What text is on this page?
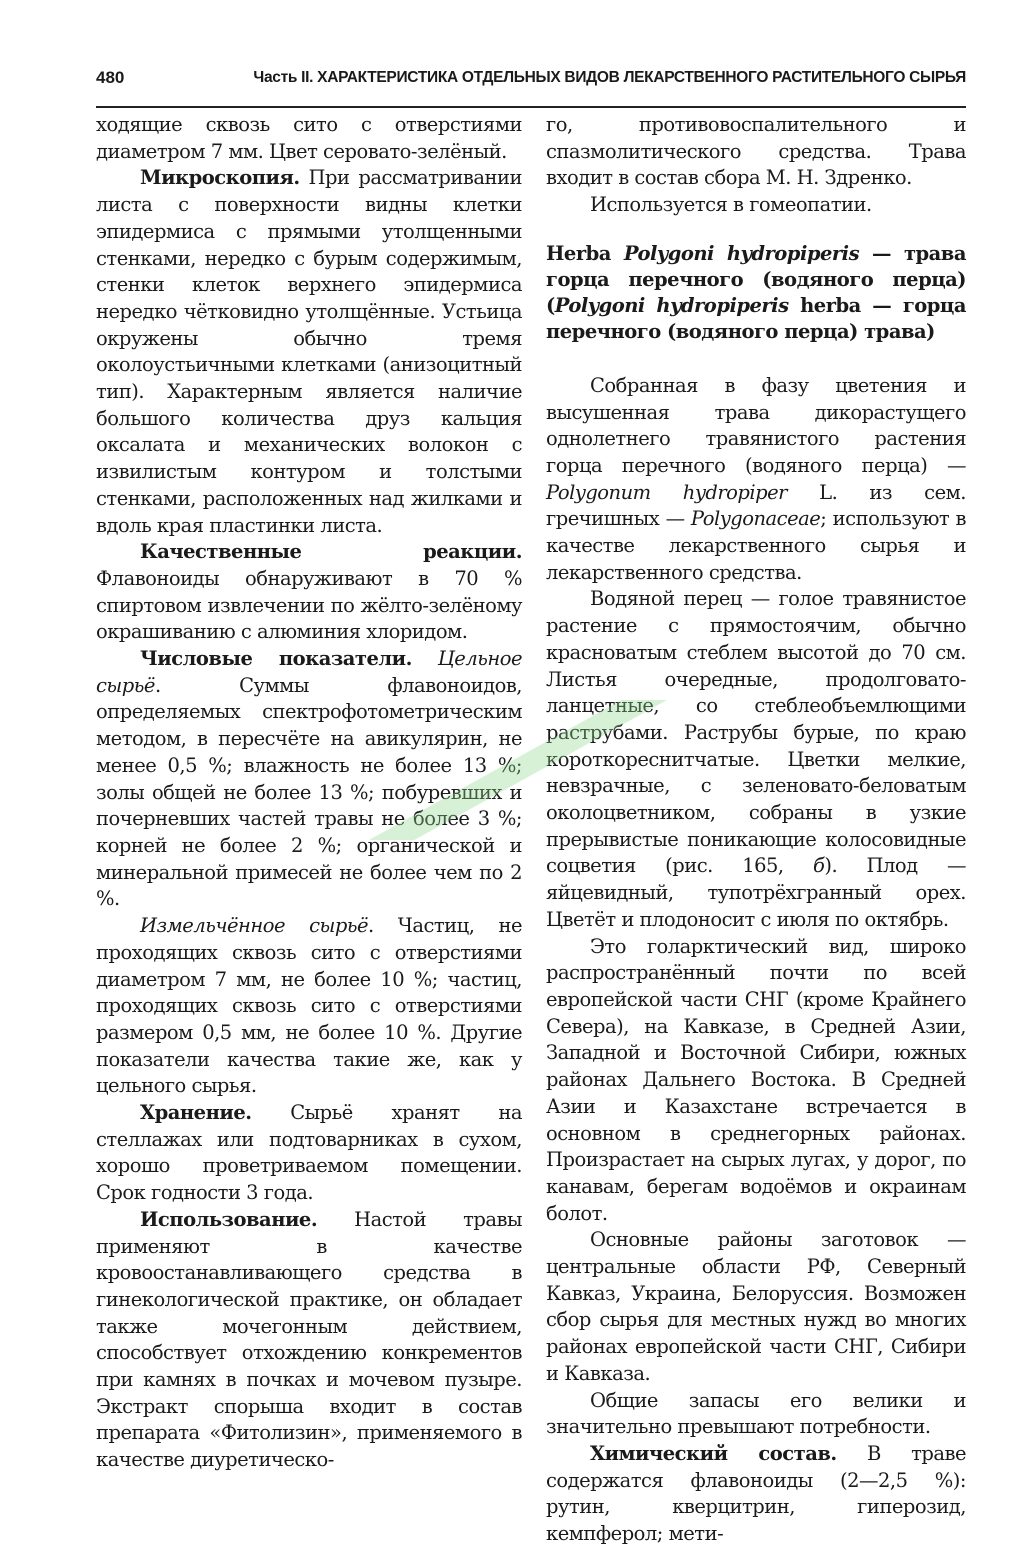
480	Часть II. ХАРАКТЕРИСТИКА ОТДЕЛЬНЫХ ВИДОВ ЛЕКАРСТВЕННОГО РАСТИТЕЛЬНОГО СЫРЬЯ

ходящие сквозь сито с отверстиями диаметром 7 мм. Цвет серовато-зелёный.

Микроскопия. При рассматривании листа с поверхности видны клетки эпидермиса с прямыми утолщенными стенками, нередко с бурым содержимым, стенки клеток верхнего эпидермиса нередко чётковидно утолщённые. Устьица окружены обычно тремя околоустьичными клетками (анизоцитный тип). Характерным является наличие большого количества друз кальция оксалата и механических волокон с извилистым контуром и толстыми стенками, расположенных над жилками и вдоль края пластинки листа.

Качественные реакции. Флавоноиды обнаруживают в 70 % спиртовом извлечении по жёлто-зелёному окрашиванию с алюминия хлоридом.

Числовые показатели. Цельное сырьё. Суммы флавоноидов, определяемых спектрофотометрическим методом, в пересчёте на авикулярин, не менее 0,5 %; влажность не более 13 %; золы общей не более 13 %; побуревших и почерневших частей травы не более 3 %; корней не более 2 %; органической и минеральной примесей не более чем по 2 %.

Измельчённое сырьё. Частиц, не проходящих сквозь сито с отверстиями диаметром 7 мм, не более 10 %; частиц, проходящих сквозь сито с отверстиями размером 0,5 мм, не более 10 %. Другие показатели качества такие же, как у цельного сырья.

Хранение. Сырьё хранят на стеллажах или подтоварниках в сухом, хорошо проветриваемом помещении. Срок годности 3 года.

Использование. Настой травы применяют в качестве кровоостанавливающего средства в гинекологической практике, он обладает также мочегонным действием, способствует отхождению конкрементов при камнях в почках и мочевом пузыре. Экстракт спорыша входит в состав препарата «Фитолизин», применяемого в качестве диуретическо-

го, противовоспалительного и спазмолитического средства. Трава входит в состав сбора М. Н. Здренко.

Используется в гомеопатии.

Herba Polygoni hydropiperis — трава горца перечного (водяного перца) (Polygoni hydropiperis herba — горца перечного (водяного перца) трава)

Собранная в фазу цветения и высушенная трава дикорастущего однолетнего травянистого растения горца перечного (водяного перца) — Polygonum hydropiper L. из сем. гречишных — Polygonaceae; используют в качестве лекарственного сырья и лекарственного средства.

Водяной перец — голое травянистое растение с прямостоячим, обычно красноватым стеблем высотой до 70 см. Листья очередные, продолговато-ланцетные, со стеблеобъемлющими раструбами. Раструбы бурые, по краю короткореснитчатые. Цветки мелкие, невзрачные, с зеленовато-беловатым околоцветником, собраны в узкие прерывистые поникающие колосовидные соцветия (рис. 165, б). Плод — яйцевидный, тупотрёхгранный орех. Цветёт и плодоносит с июля по октябрь.

Это голарктический вид, широко распространённый почти по всей европейской части СНГ (кроме Крайнего Севера), на Кавказе, в Средней Азии, Западной и Восточной Сибири, южных районах Дальнего Востока. В Средней Азии и Казахстане встречается в основном в среднегорных районах. Произрастает на сырых лугах, у дорог, по канавам, берегам водоёмов и окраинам болот.

Основные районы заготовок — центральные области РФ, Северный Кавказ, Украина, Белоруссия. Возможен сбор сырья для местных нужд во многих районах европейской части СНГ, Сибири и Кавказа.

Общие запасы его велики и значительно превышают потребности.

Химический состав. В траве содержатся флавоноиды (2—2,5 %): рутин, кверцитрин, гиперозид, кемпферол; мети-
